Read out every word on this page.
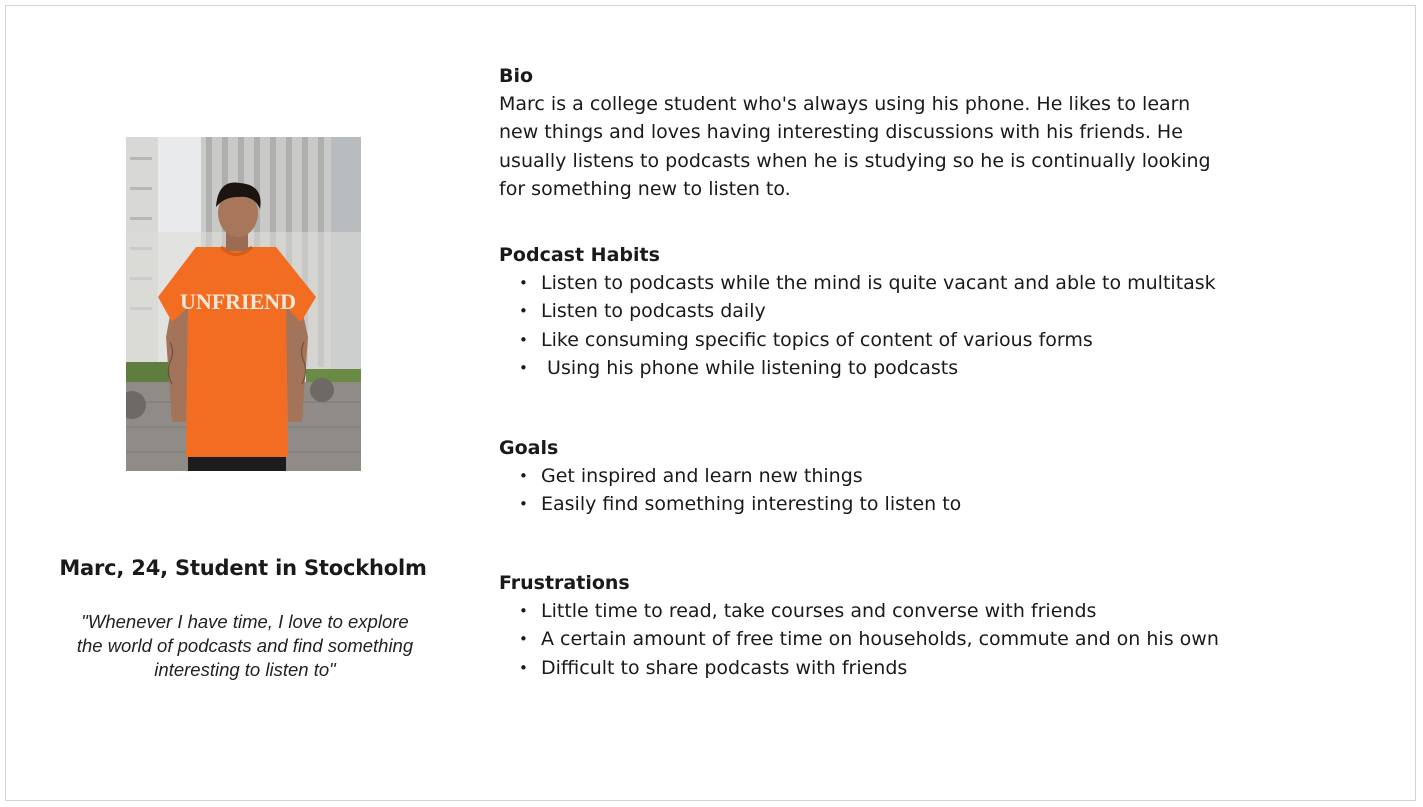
UNFRIEND
Marc, 24, Student in Stockholm
"Whenever I have time, I love to explore the world of podcasts and find something interesting to listen to"
Bio

Marc is a college student who's always using his phone. He likes to learn new things and loves having interesting discussions with his friends. He usually listens to podcasts when he is studying so he is continually looking for something new to listen to.

Podcast Habits
• Listen to podcasts while the mind is quite vacant and able to multitask
• Listen to podcasts daily
• Like consuming specific topics of content of various forms
• Using his phone while listening to podcasts
Goals
• Get inspired and learn new things
• Easily find something interesting to listen to
Frustrations
• Little time to read, take courses and converse with friends
• A certain amount of free time on households, commute and on his own
• Difficult to share podcasts with friends
